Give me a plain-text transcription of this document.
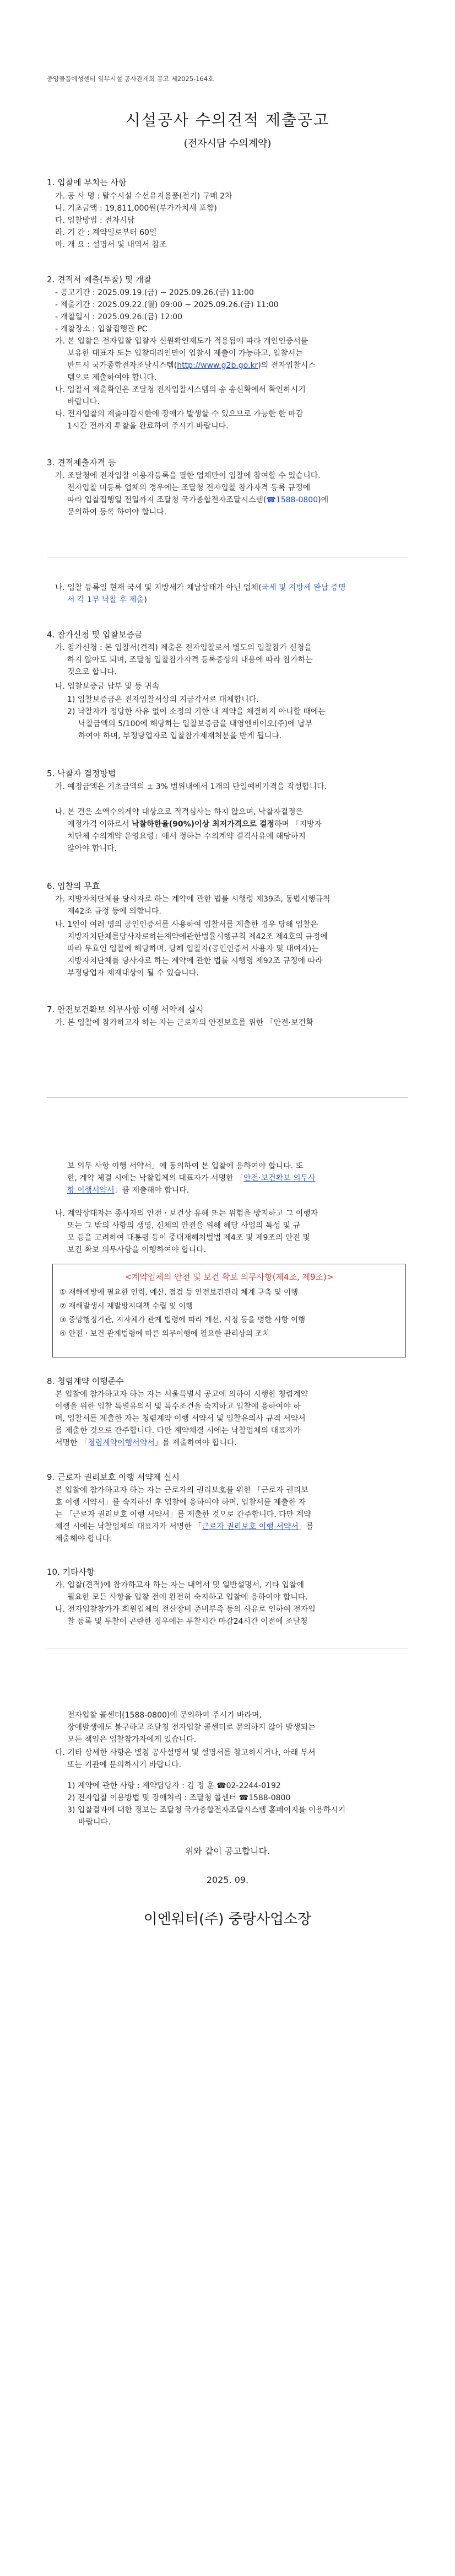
중앙물품에성센터 일부시설 공사관계회 공고 제2025-164호
시설공사 수의견적 제출공고
(전자시담 수의계약)
1. 입찰에 부치는 사항
가. 공 사 명 : 탈수시설 수선유지용품(전기) 구매 2차
나. 기초금액 : 19,811,000원(부가가치세 포함)
다. 입찰방법 : 전자시담
라. 기 간 : 계약일로부터 60일
마. 개 요 : 설명서 및 내역서 참조
2. 견적서 제출(투찰) 및 개찰
- 공고기간 : 2025.09.19.(금) ~ 2025.09.26.(금) 11:00
- 제출기간 : 2025.09.22.(월) 09:00 ~ 2025.09.26.(금) 11:00
- 개찰일시 : 2025.09.26.(금) 12:00
- 개찰장소 : 입찰집행관 PC
가. 본 입찰은 전자입찰 입찰자 신원확인제도가 적용됨에 따라 개인인증서를
보유한 대표자 또는 입찰대리인만이 입찰서 제출이 가능하고, 입찰서는
반드시 국가종합전자조달시스템(http://www.g2b.go.kr)의 전자입찰시스
템으로 제출하여야 합니다.
나. 입찰서 제출확인은 조달청 전자입찰시스템의 송 송신확에서 확인하시기
바랍니다.
다. 전자입찰의 제출마감시한에 장애가 발생할 수 있으므로 가능한 한 마감
1시간 전까지 투찰을 완료하여 주시기 바랍니다.
3. 견적제출자격 등
가. 조달청에 전자입찰 이용자등록을 필한 업체만이 입찰에 참여할 수 있습니다.
전자입찰 미등록 업체의 경우에는 조달청 전자입찰 참가자격 등록 규정에
따라 입찰집행일 전일까지 조달청 국가종합전자조달시스템(☎1588-0800)에
문의하여 등록 하여야 합니다.
나. 입찰 등록일 현재 국세 및 지방세가 체납상태가 아닌 업체(국세 및 지방세 완납 증명
서 각 1부 낙찰 후 제출)
4. 참가신청 및 입찰보증금
가. 참가신청 : 본 입찰서(견적) 제출은 전자입찰로서 별도의 입찰참가 신청을
하지 않아도 되며, 조달청 입찰참가자격 등록증상의 내용에 따라 참가하는
것으로 합니다.
나. 입찰보증금 납부 및 등 귀속
1) 입찰보증금은 전자입찰서상의 지급각서로 대체합니다.
2) 낙찰자가 정당한 사유 없이 소정의 기한 내 계약을 체결하지 아니할 때에는
낙찰금액의 5/100에 해당하는 입찰보증금을 대영엔비이오(주)에 납부
하여야 하며, 부정당업자로 입찰참가제재처분을 받게 됩니다.
5. 낙찰자 결정방법
가. 예정금액은 기초금액의 ± 3% 범위내에서 1개의 단일예비가격을 작성합니다.
나. 본 건은 소액수의계약 대상으로 적격심사는 하지 않으며, 낙찰자결정은
예정가격 이하로서 낙찰하한율(90%)이상 최저가격으로 결정하며 「지방자
치단체 수의계약 운영요령」에서 정하는 수의계약 결격사유에 해당하지
않아야 합니다.
6. 입찰의 무효
가. 지방자치단체를 당사자로 하는 계약에 관한 법률 시행령 제39조, 동법시행규칙
제42조 규정 등에 의합니다.
나. 1인이 여러 명의 공인인증서를 사용하여 입찰서를 제출한 경우 당해 입찰은
지방자치단체를당사자로하는계약에관한법률시행규칙 제42조 제4호의 규정에
따라 무효인 입찰에 해당하며, 당해 입찰자(공인인증서 사용자 및 대여자)는
지방자치단체를 당사자로 하는 계약에 관한 법률 시행령 제92조 규정에 따라
부정당업자 제재대상이 될 수 있습니다.
7. 안전보건확보 의무사항 이행 서약제 실시
가. 본 입찰에 참가하고자 하는 자는 근로자의 안전보호를 위한 「안전·보건확
보 의무 사항 이행 서약서」에 동의하여 본 입찰에 응하여야 합니다. 또
한, 계약 체결 시에는 낙찰업체의 대표자가 서명한 「안전·보건확보 의무사
항 이행서약서」를 제출해야 합니다.
나. 계약상대자는 종사자의 안전ㆍ보건상 유해 또는 위험을 방지하고 그 이행자
또는 그 밖의 사항의 생명, 신체의 안전을 위해 해당 사업의 특성 및 규
모 등을 고려하여 대통령 등이 중대재해처벌법 제4조 및 제9조의 안전 및
보건 확보 의무사항을 이행하여야 합니다.
<계약업체의 안전 및 보건 확보 의무사항(제4조, 제9조)>
① 재해예방에 필요한 인력, 예산, 점검 등 안전보건관리 체계 구축 및 이행
② 재해발생시 재발방지대책 수립 및 이행
③ 중앙행정기관, 지자체가 관계 법령에 따라 개선, 시정 등을 명한 사항 이행
④ 안전ㆍ보건 관계법령에 따른 의무이행에 필요한 관리상의 조치
8. 청렴계약 이행준수
본 입찰에 참가하고자 하는 자는 서울특별시 공고에 의하여 시행한 청렴계약
이행을 위한 입찰 특별유의서 및 특수조건을 숙지하고 입찰에 응하여야 하
며, 입찰서를 제출한 자는 청렴계약 이행 서약서 및 입찰유의사 규격 서약서
를 제출한 것으로 간주합니다. 다만 계약체결 시에는 낙찰업체의 대표자가
서명한 「청렴계약이행서약서」를 제출하여야 합니다.
9. 근로자 권리보호 이행 서약제 실시
본 입찰에 참가하고자 하는 자는 근로자의 권리보호를 위한 「근로자 권리보
호 이행 서약서」를 숙지하신 후 입찰에 응하여야 하며, 입찰서를 제출한 자
는 「근로자 권리보호 이행 서약서」를 제출한 것으로 간주합니다. 다만 계약
체결 시에는 낙찰업체의 대표자가 서명한 「근로자 권리보호 이행 서약서」를
제출해야 합니다.
10. 기타사항
가. 입찰(견적)에 참가하고자 하는 자는 내역서 및 일반설명서, 기타 입찰에
필요한 모든 사항을 입찰 전에 완전히 숙지하고 입찰에 응하여야 합니다.
나. 전자입찰참가가 회원업체의 전산장비 준비부족 등의 사유로 인하여 전자입
찰 등록 및 투찰이 곤란한 경우에는 투찰시간 마감24시간 이전에 조달청
전자입찰 콜센터(1588-0800)에 문의하여 주시기 바라며,
장애발생에도 불구하고 조달청 전자입찰 콜센터로 문의하지 않아 발생되는
모든 책임은 입찰참가자에게 있습니다.
다. 기타 상세한 사항은 별첨 공사설명서 및 설명서를 참고하시거나, 아래 부서
또는 기관에 문의하시기 바랍니다.
1) 계약에 관한 사항 : 계약담당자 : 김 정 훈 ☎02-2244-0192
2) 전자입찰 이용방법 및 장애처리 : 조달청 콜센터 ☎1588-0800
3) 입찰결과에 대한 정보는 조달청 국가종합전자조달시스템 홈페이지를 이용하시기
바랍니다.
위와 같이 공고합니다.
2025. 09.
이엔워터(주) 중랑사업소장
